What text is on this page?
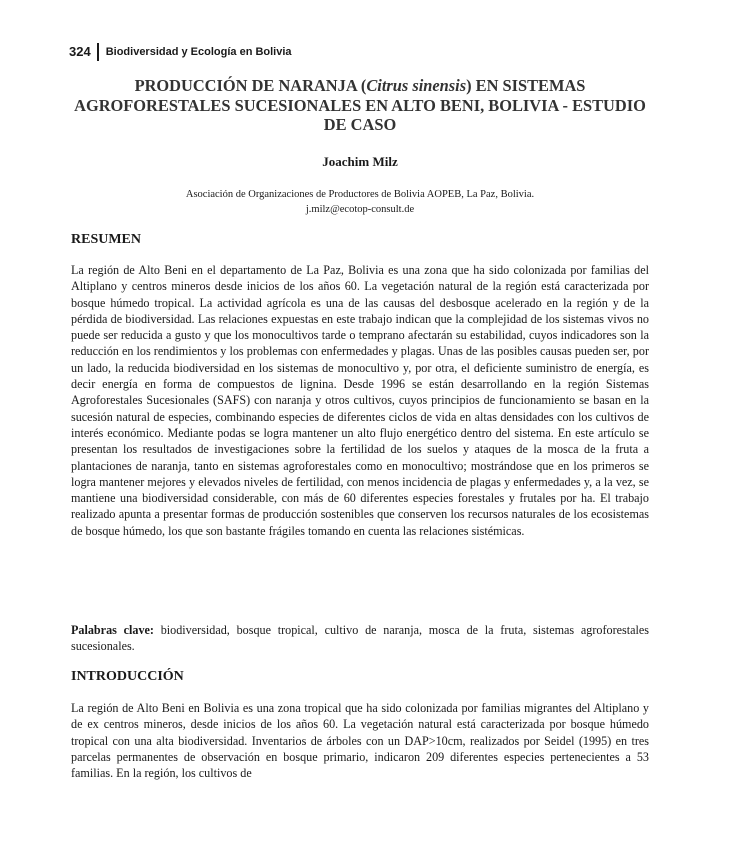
324	Biodiversidad y Ecología en Bolivia
PRODUCCIÓN DE NARANJA (Citrus sinensis) EN SISTEMAS AGROFORESTALES SUCESIONALES EN ALTO BENI, BOLIVIA - ESTUDIO DE CASO
Joachim Milz
Asociación de Organizaciones de Productores de Bolivia AOPEB, La Paz, Bolivia.
j.milz@ecotop-consult.de
RESUMEN
La región de Alto Beni en el departamento de La Paz, Bolivia es una zona que ha sido colonizada por familias del Altiplano y centros mineros desde inicios de los años 60. La vegetación natural de la región está caracterizada por bosque húmedo tropical. La actividad agrícola es una de las causas del desbosque acelerado en la región y de la pérdida de biodiversidad. Las relaciones expuestas en este trabajo indican que la complejidad de los sistemas vivos no puede ser reducida a gusto y que los monocultivos tarde o temprano afectarán su estabilidad, cuyos indicadores son la reducción en los rendimientos y los problemas con enfermedades y plagas. Unas de las posibles causas pueden ser, por un lado, la reducida biodiversidad en los sistemas de monocultivo y, por otra, el deficiente suministro de energía, es decir energía en forma de compuestos de lignina. Desde 1996 se están desarrollando en la región Sistemas Agroforestales Sucesionales (SAFS) con naranja y otros cultivos, cuyos principios de funcionamiento se basan en la sucesión natural de especies, combinando especies de diferentes ciclos de vida en altas densidades con los cultivos de interés económico. Mediante podas se logra mantener un alto flujo energético dentro del sistema. En este artículo se presentan los resultados de investigaciones sobre la fertilidad de los suelos y ataques de la mosca de la fruta a plantaciones de naranja, tanto en sistemas agroforestales como en monocultivo; mostrándose que en los primeros se logra mantener mejores y elevados niveles de fertilidad, con menos incidencia de plagas y enfermedades y, a la vez, se mantiene una biodiversidad considerable, con más de 60 diferentes especies forestales y frutales por ha. El trabajo realizado apunta a presentar formas de producción sostenibles que conserven los recursos naturales de los ecosistemas de bosque húmedo, los que son bastante frágiles tomando en cuenta las relaciones sistémicas.
Palabras clave: biodiversidad, bosque tropical, cultivo de naranja, mosca de la fruta, sistemas agroforestales sucesionales.
INTRODUCCIÓN
La región de Alto Beni en Bolivia es una zona tropical que ha sido colonizada por familias migrantes del Altiplano y de ex centros mineros, desde inicios de los años 60. La vegetación natural está caracterizada por bosque húmedo tropical con una alta biodiversidad. Inventarios de árboles con un DAP>10cm, realizados por Seidel (1995) en tres parcelas permanentes de observación en bosque primario, indicaron 209 diferentes especies pertenecientes a 53 familias. En la región, los cultivos de
